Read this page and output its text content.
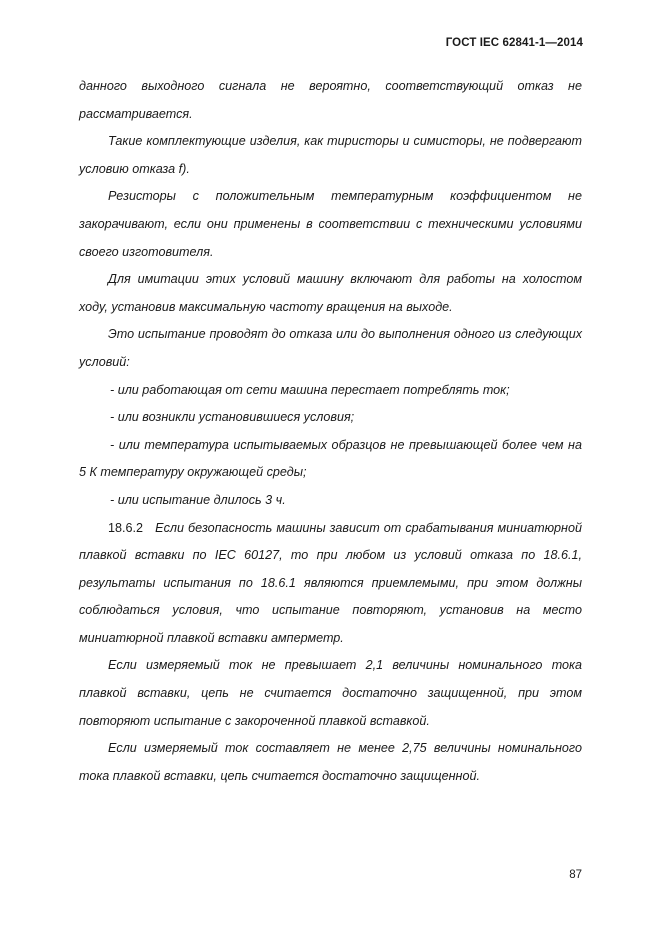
ГОСТ IEC 62841-1—2014

данного выходного сигнала не вероятно, соответствующий отказ не рассматривается.

Такие комплектующие изделия, как тиристоры и симисторы, не подвергают условию отказа f).

Резисторы с положительным температурным коэффициентом не закорачивают, если они применены в соответствии с техническими условиями своего изготовителя.

Для имитации этих условий машину включают для работы на холостом ходу, установив максимальную частоту вращения на выходе.

Это испытание проводят до отказа или до выполнения одного из следующих условий:

- или работающая от сети машина перестает потреблять ток;

- или возникли установившиеся условия;

- или температура испытываемых образцов не превышающей более чем на 5 К температуру окружающей среды;

- или испытание длилось 3 ч.

18.6.2 Если безопасность машины зависит от срабатывания миниатюрной плавкой вставки по IEC 60127, то при любом из условий отказа по 18.6.1, результаты испытания по 18.6.1 являются приемлемыми, при этом должны соблюдаться условия, что испытание повторяют, установив на место миниатюрной плавкой вставки амперметр.

Если измеряемый ток не превышает 2,1 величины номинального тока плавкой вставки, цепь не считается достаточно защищенной, при этом повторяют испытание с закороченной плавкой вставкой.

Если измеряемый ток составляет не менее 2,75 величины номинального тока плавкой вставки, цепь считается достаточно защищенной.

87
